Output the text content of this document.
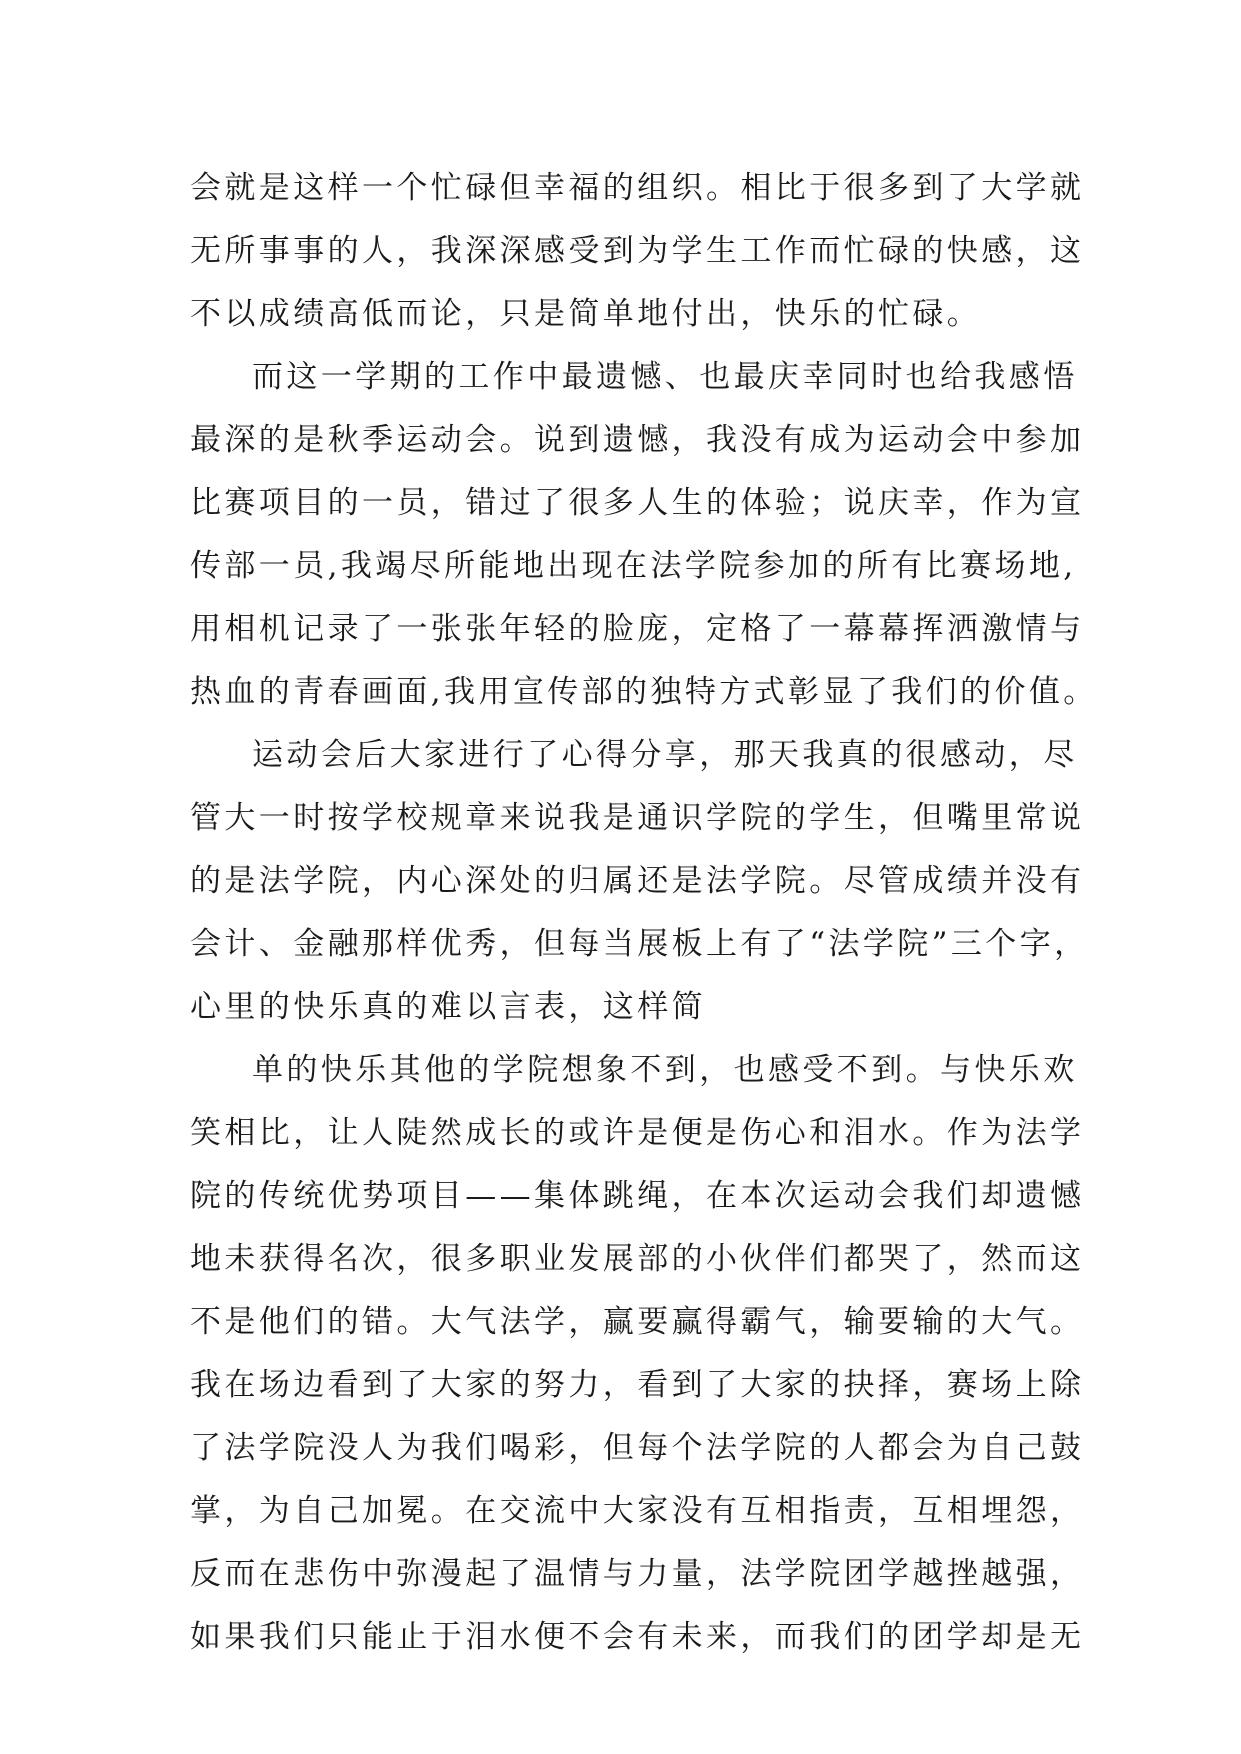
会就是这样一个忙碌但幸福的组织。相比于很多到了大学就
无所事事的人，我深深感受到为学生工作而忙碌的快感，这
不以成绩高低而论，只是简单地付出，快乐的忙碌。
而这一学期的工作中最遗憾、也最庆幸同时也给我感悟
最深的是秋季运动会。说到遗憾，我没有成为运动会中参加
比赛项目的一员，错过了很多人生的体验；说庆幸，作为宣
传部一员,我竭尽所能地出现在法学院参加的所有比赛场地,
用相机记录了一张张年轻的脸庞，定格了一幕幕挥洒激情与
热血的青春画面,我用宣传部的独特方式彰显了我们的价值。
运动会后大家进行了心得分享，那天我真的很感动，尽
管大一时按学校规章来说我是通识学院的学生，但嘴里常说
的是法学院，内心深处的归属还是法学院。尽管成绩并没有
会计、金融那样优秀，但每当展板上有了“法学院”三个字，
心里的快乐真的难以言表，这样简
单的快乐其他的学院想象不到，也感受不到。与快乐欢
笑相比，让人陡然成长的或许是便是伤心和泪水。作为法学
院的传统优势项目——集体跳绳，在本次运动会我们却遗憾
地未获得名次，很多职业发展部的小伙伴们都哭了，然而这
不是他们的错。大气法学，赢要赢得霸气，输要输的大气。
我在场边看到了大家的努力，看到了大家的抉择，赛场上除
了法学院没人为我们喝彩，但每个法学院的人都会为自己鼓
掌，为自己加冕。在交流中大家没有互相指责，互相埋怨，
反而在悲伤中弥漫起了温情与力量，法学院团学越挫越强，
如果我们只能止于泪水便不会有未来，而我们的团学却是无
